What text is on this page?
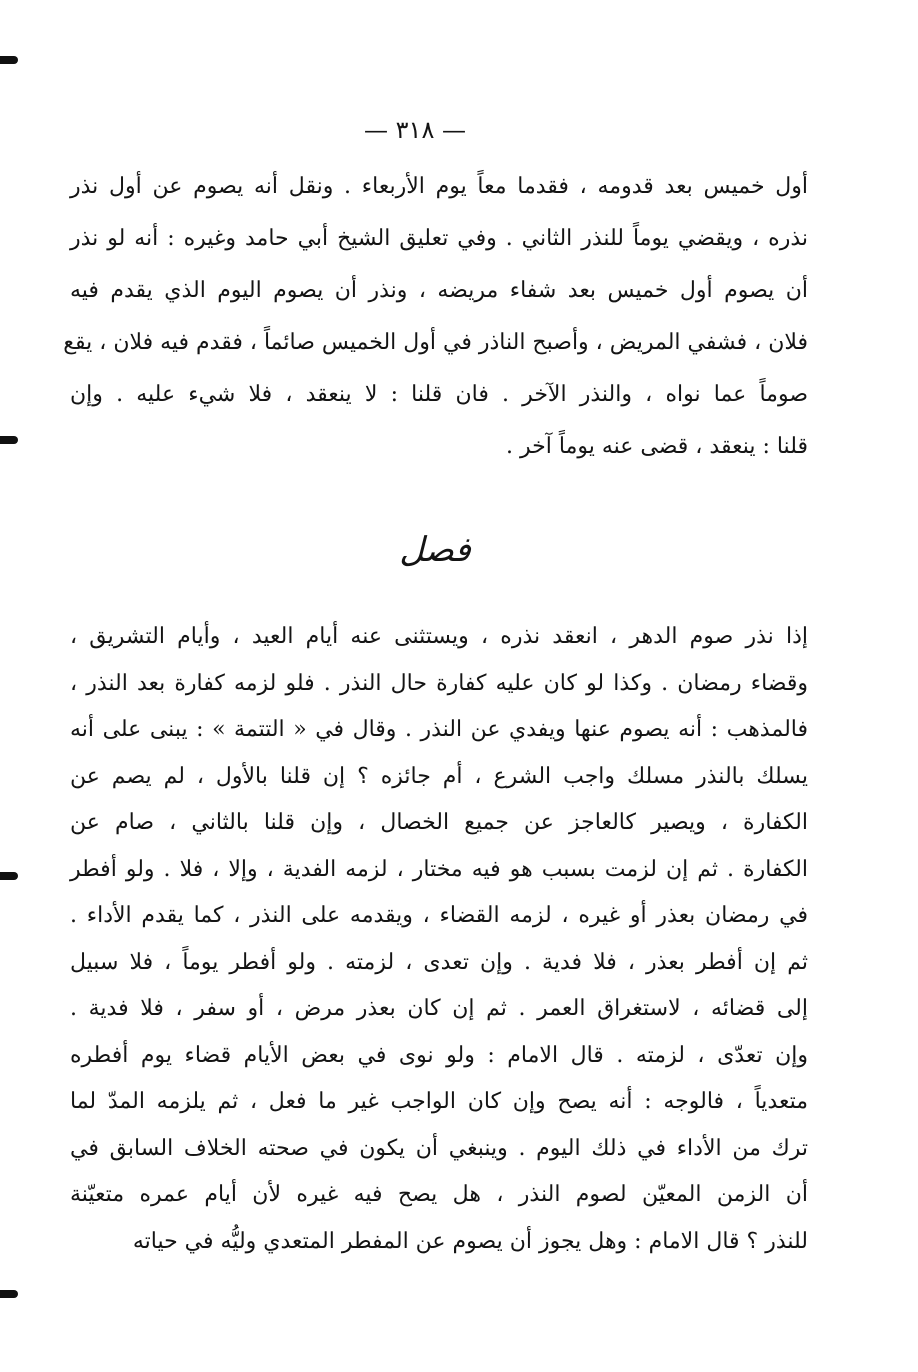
— ٣١٨ —
أول خميس بعد قدومه ، فقدما معاً يوم الأربعاء . ونقل أنه يصوم عن أول نذر
نذره ، ويقضي يوماً للنذر الثاني . وفي تعليق الشيخ أبي حامد وغيره : أنه لو نذر
أن يصوم أول خميس بعد شفاء مريضه ، ونذر أن يصوم اليوم الذي يقدم فيه
فلان ، فشفي المريض ، وأصبح الناذر في أول الخميس صائماً ، فقدم فيه فلان ، يقع
صوماً عما نواه ، والنذر الآخر . فان قلنا : لا ينعقد ، فلا شيء عليه . وإن
قلنا : ينعقد ، قضى عنه يوماً آخر .
فصل
إذا نذر صوم الدهر ، انعقد نذره ، ويستثنى عنه أيام العيد ، وأيام التشريق ،
وقضاء رمضان . وكذا لو كان عليه كفارة حال النذر . فلو لزمه كفارة بعد النذر ،
فالمذهب : أنه يصوم عنها ويفدي عن النذر . وقال في « التتمة » : يبنى على أنه
يسلك بالنذر مسلك واجب الشرع ، أم جائزه ؟ إن قلنا بالأول ، لم يصم عن
الكفارة ، ويصير كالعاجز عن جميع الخصال ، وإن قلنا بالثاني ، صام عن
الكفارة . ثم إن لزمت بسبب هو فيه مختار ، لزمه الفدية ، وإلا ، فلا . ولو أفطر
في رمضان بعذر أو غيره ، لزمه القضاء ، ويقدمه على النذر ، كما يقدم الأداء .
ثم إن أفطر بعذر ، فلا فدية . وإن تعدى ، لزمته . ولو أفطر يوماً ، فلا سبيل
إلى قضائه ، لاستغراق العمر . ثم إن كان بعذر مرض ، أو سفر ، فلا فدية .
وإن تعدّى ، لزمته . قال الامام : ولو نوى في بعض الأيام قضاء يوم أفطره
متعدياً ، فالوجه : أنه يصح وإن كان الواجب غير ما فعل ، ثم يلزمه المدّ لما
ترك من الأداء في ذلك اليوم . وينبغي أن يكون في صحته الخلاف السابق في
أن الزمن المعيّن لصوم النذر ، هل يصح فيه غيره لأن أيام عمره متعيّنة
للنذر ؟ قال الامام : وهل يجوز أن يصوم عن المفطر المتعدي وليُّه في حياته
